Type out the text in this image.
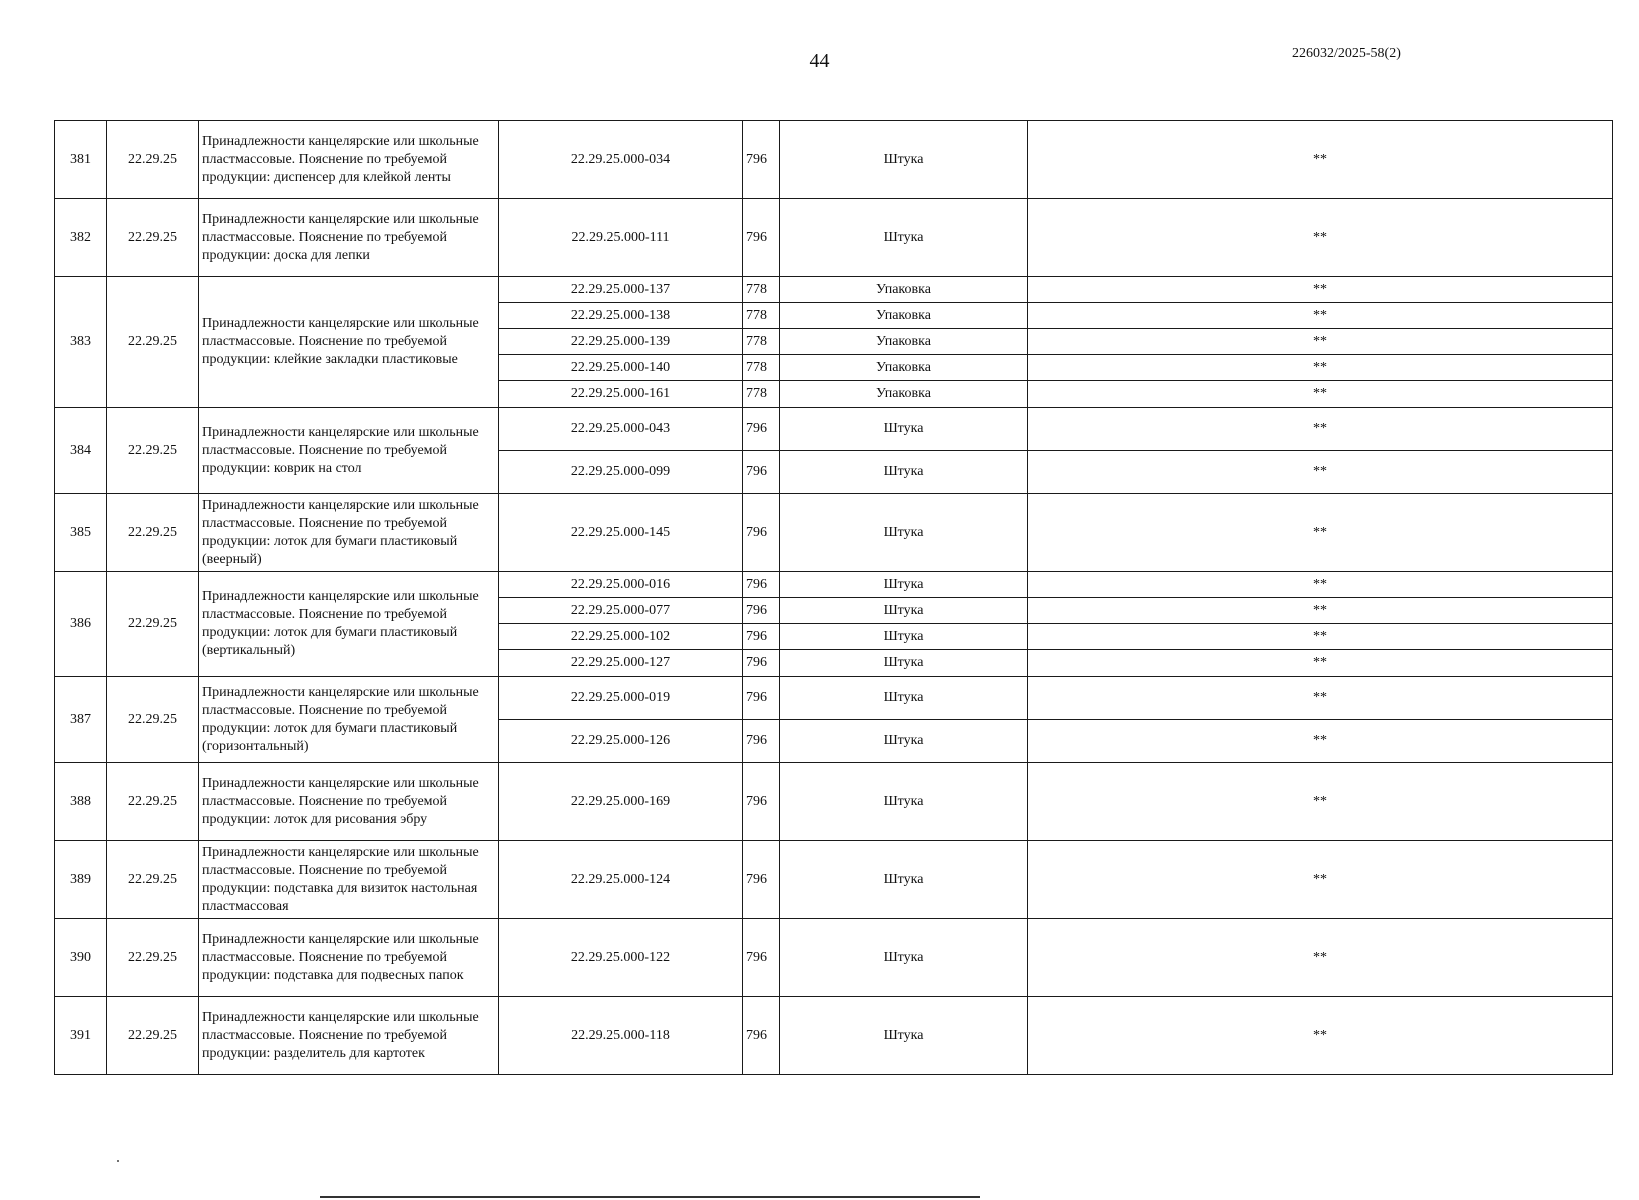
44	226032/2025-58(2)
381	22.29.25	Принадлежности канцелярские или школьные пластмассовые. Пояснение по требуемой продукции: диспенсер для клейкой ленты	22.29.25.000-034	796	Штука	**
382	22.29.25	Принадлежности канцелярские или школьные пластмассовые. Пояснение по требуемой продукции: доска для лепки	22.29.25.000-111	796	Штука	**
383	22.29.25	Принадлежности канцелярские или школьные пластмассовые. Пояснение по требуемой продукции: клейкие закладки пластиковые	22.29.25.000-137	778	Упаковка	**
			22.29.25.000-138	778	Упаковка	**
			22.29.25.000-139	778	Упаковка	**
			22.29.25.000-140	778	Упаковка	**
			22.29.25.000-161	778	Упаковка	**
384	22.29.25	Принадлежности канцелярские или школьные пластмассовые. Пояснение по требуемой продукции: коврик на стол	22.29.25.000-043	796	Штука	**
			22.29.25.000-099	796	Штука	**
385	22.29.25	Принадлежности канцелярские или школьные пластмассовые. Пояснение по требуемой продукции: лоток для бумаги пластиковый (веерный)	22.29.25.000-145	796	Штука	**
386	22.29.25	Принадлежности канцелярские или школьные пластмассовые. Пояснение по требуемой продукции: лоток для бумаги пластиковый (вертикальный)	22.29.25.000-016	796	Штука	**
			22.29.25.000-077	796	Штука	**
			22.29.25.000-102	796	Штука	**
			22.29.25.000-127	796	Штука	**
387	22.29.25	Принадлежности канцелярские или школьные пластмассовые. Пояснение по требуемой продукции: лоток для бумаги пластиковый (горизонтальный)	22.29.25.000-019	796	Штука	**
			22.29.25.000-126	796	Штука	**
388	22.29.25	Принадлежности канцелярские или школьные пластмассовые. Пояснение по требуемой продукции: лоток для рисования эбру	22.29.25.000-169	796	Штука	**
389	22.29.25	Принадлежности канцелярские или школьные пластмассовые. Пояснение по требуемой продукции: подставка для визиток настольная пластмассовая	22.29.25.000-124	796	Штука	**
390	22.29.25	Принадлежности канцелярские или школьные пластмассовые. Пояснение по требуемой продукции: подставка для подвесных папок	22.29.25.000-122	796	Штука	**
391	22.29.25	Принадлежности канцелярские или школьные пластмассовые. Пояснение по требуемой продукции: разделитель для картотек	22.29.25.000-118	796	Штука	**
